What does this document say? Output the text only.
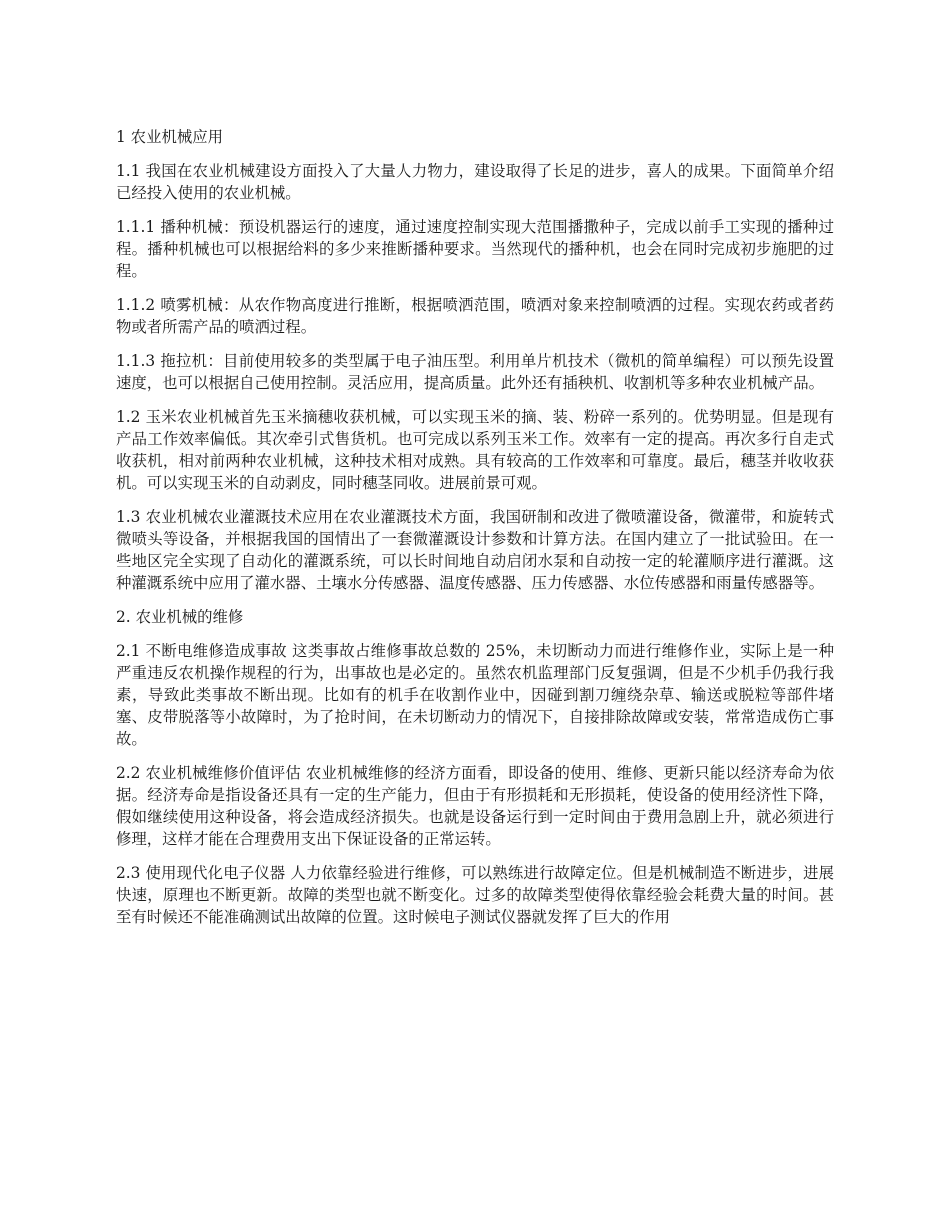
1 农业机械应用

1.1 我国在农业机械建设方面投入了大量人力物力，建设取得了长足的进步，喜人的成果。下面简单介绍已经投入使用的农业机械。

1.1.1 播种机械：预设机器运行的速度，通过速度控制实现大范围播撒种子，完成以前手工实现的播种过程。播种机械也可以根据给料的多少来推断播种要求。当然现代的播种机，也会在同时完成初步施肥的过程。

1.1.2 喷雾机械：从农作物高度进行推断，根据喷洒范围，喷洒对象来控制喷洒的过程。实现农药或者药物或者所需产品的喷洒过程。

1.1.3 拖拉机：目前使用较多的类型属于电子油压型。利用单片机技术（微机的简单编程）可以预先设置速度，也可以根据自己使用控制。灵活应用，提高质量。此外还有插秧机、收割机等多种农业机械产品。

1.2 玉米农业机械首先玉米摘穗收获机械，可以实现玉米的摘、装、粉碎一系列的。优势明显。但是现有产品工作效率偏低。其次牵引式售货机。也可完成以系列玉米工作。效率有一定的提高。再次多行自走式收获机，相对前两种农业机械，这种技术相对成熟。具有较高的工作效率和可靠度。最后，穗茎并收收获机。可以实现玉米的自动剥皮，同时穗茎同收。进展前景可观。

1.3 农业机械农业灌溉技术应用在农业灌溉技术方面，我国研制和改进了微喷灌设备，微灌带，和旋转式微喷头等设备，并根据我国的国情出了一套微灌溉设计参数和计算方法。在国内建立了一批试验田。在一些地区完全实现了自动化的灌溉系统，可以长时间地自动启闭水泵和自动按一定的轮灌顺序进行灌溉。这种灌溉系统中应用了灌水器、土壤水分传感器、温度传感器、压力传感器、水位传感器和雨量传感器等。

2. 农业机械的维修

2.1 不断电维修造成事故 这类事故占维修事故总数的 25%，未切断动力而进行维修作业，实际上是一种严重违反农机操作规程的行为，出事故也是必定的。虽然农机监理部门反复强调，但是不少机手仍我行我素，导致此类事故不断出现。比如有的机手在收割作业中，因碰到割刀缠绕杂草、输送或脱粒等部件堵塞、皮带脱落等小故障时，为了抢时间，在未切断动力的情况下，自接排除故障或安装，常常造成伤亡事故。

2.2 农业机械维修价值评估 农业机械维修的经济方面看，即设备的使用、维修、更新只能以经济寿命为依据。经济寿命是指设备还具有一定的生产能力，但由于有形损耗和无形损耗，使设备的使用经济性下降，假如继续使用这种设备，将会造成经济损失。也就是设备运行到一定时间由于费用急剧上升，就必须进行修理，这样才能在合理费用支出下保证设备的正常运转。

2.3 使用现代化电子仪器 人力依靠经验进行维修，可以熟练进行故障定位。但是机械制造不断进步，进展快速，原理也不断更新。故障的类型也就不断变化。过多的故障类型使得依靠经验会耗费大量的时间。甚至有时候还不能准确测试出故障的位置。这时候电子测试仪器就发挥了巨大的作用
